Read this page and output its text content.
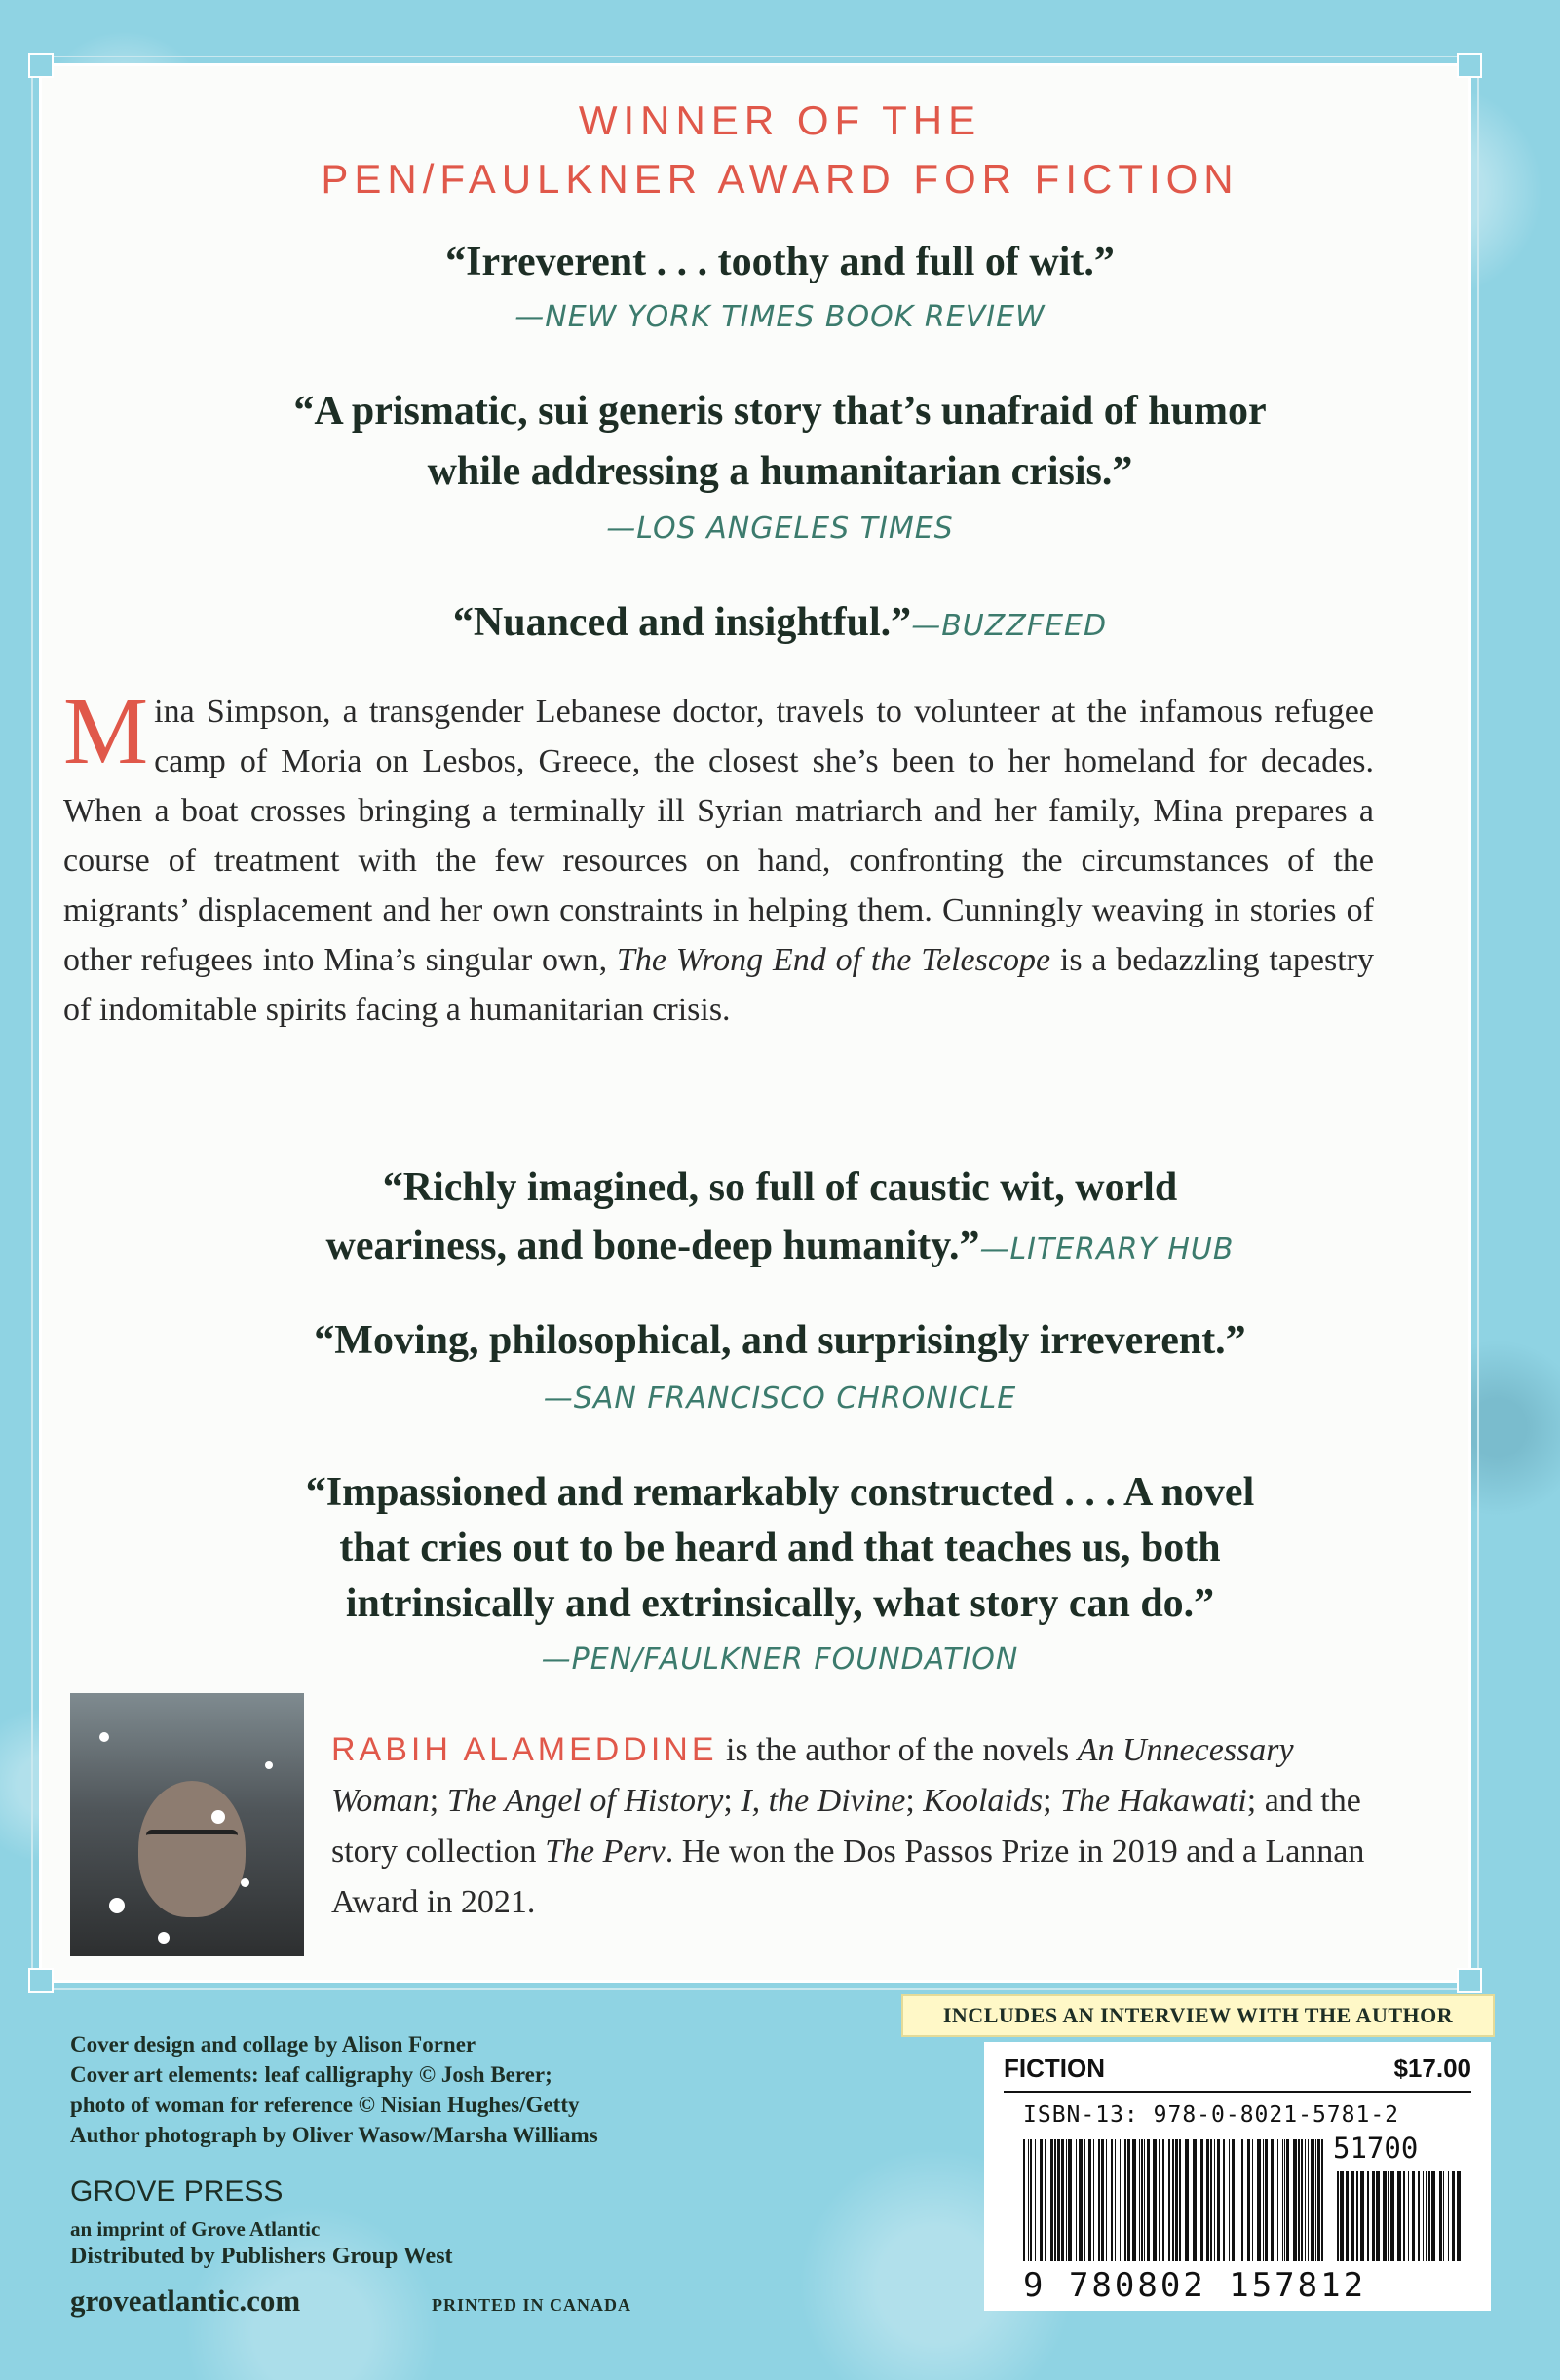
WINNER OF THE
PEN/FAULKNER AWARD FOR FICTION
“Irreverent . . . toothy and full of wit.”
—NEW YORK TIMES BOOK REVIEW
“A prismatic, sui generis story that’s unafraid of humor
while addressing a humanitarian crisis.”
—LOS ANGELES TIMES
“Nuanced and insightful.”—BUZZFEED
Mina Simpson, a transgender Lebanese doctor, travels to volunteer at the infamous refugee camp of Moria on Lesbos, Greece, the closest she’s been to her homeland for decades. When a boat crosses bringing a terminally ill Syrian matriarch and her family, Mina prepares a course of treatment with the few resources on hand, confronting the circumstances of the migrants’ displacement and her own constraints in helping them. Cunningly weaving in stories of other refugees into Mina’s singular own, The Wrong End of the Telescope is a bedazzling tapestry of indomitable spirits facing a humanitarian crisis.
“Richly imagined, so full of caustic wit, world
weariness, and bone-deep humanity.”—LITERARY HUB
“Moving, philosophical, and surprisingly irreverent.”
—SAN FRANCISCO CHRONICLE
“Impassioned and remarkably constructed . . . A novel
that cries out to be heard and that teaches us, both
intrinsically and extrinsically, what story can do.”
—PEN/FAULKNER FOUNDATION
RABIH ALAMEDDINE is the author of the novels An Unnecessary Woman; The Angel of History; I, the Divine; Koolaids; The Hakawati; and the story collection The Perv. He won the Dos Passos Prize in 2019 and a Lannan Award in 2021.
Cover design and collage by Alison Forner
Cover art elements: leaf calligraphy © Josh Berer;
photo of woman for reference © Nisian Hughes/Getty
Author photograph by Oliver Wasow/Marsha Williams
GROVE PRESS
an imprint of Grove Atlantic
Distributed by Publishers Group West
groveatlantic.com	PRINTED IN CANADA
INCLUDES AN INTERVIEW WITH THE AUTHOR
FICTION	$17.00
ISBN-13: 978-0-8021-5781-2
51700
9 780802 157812
